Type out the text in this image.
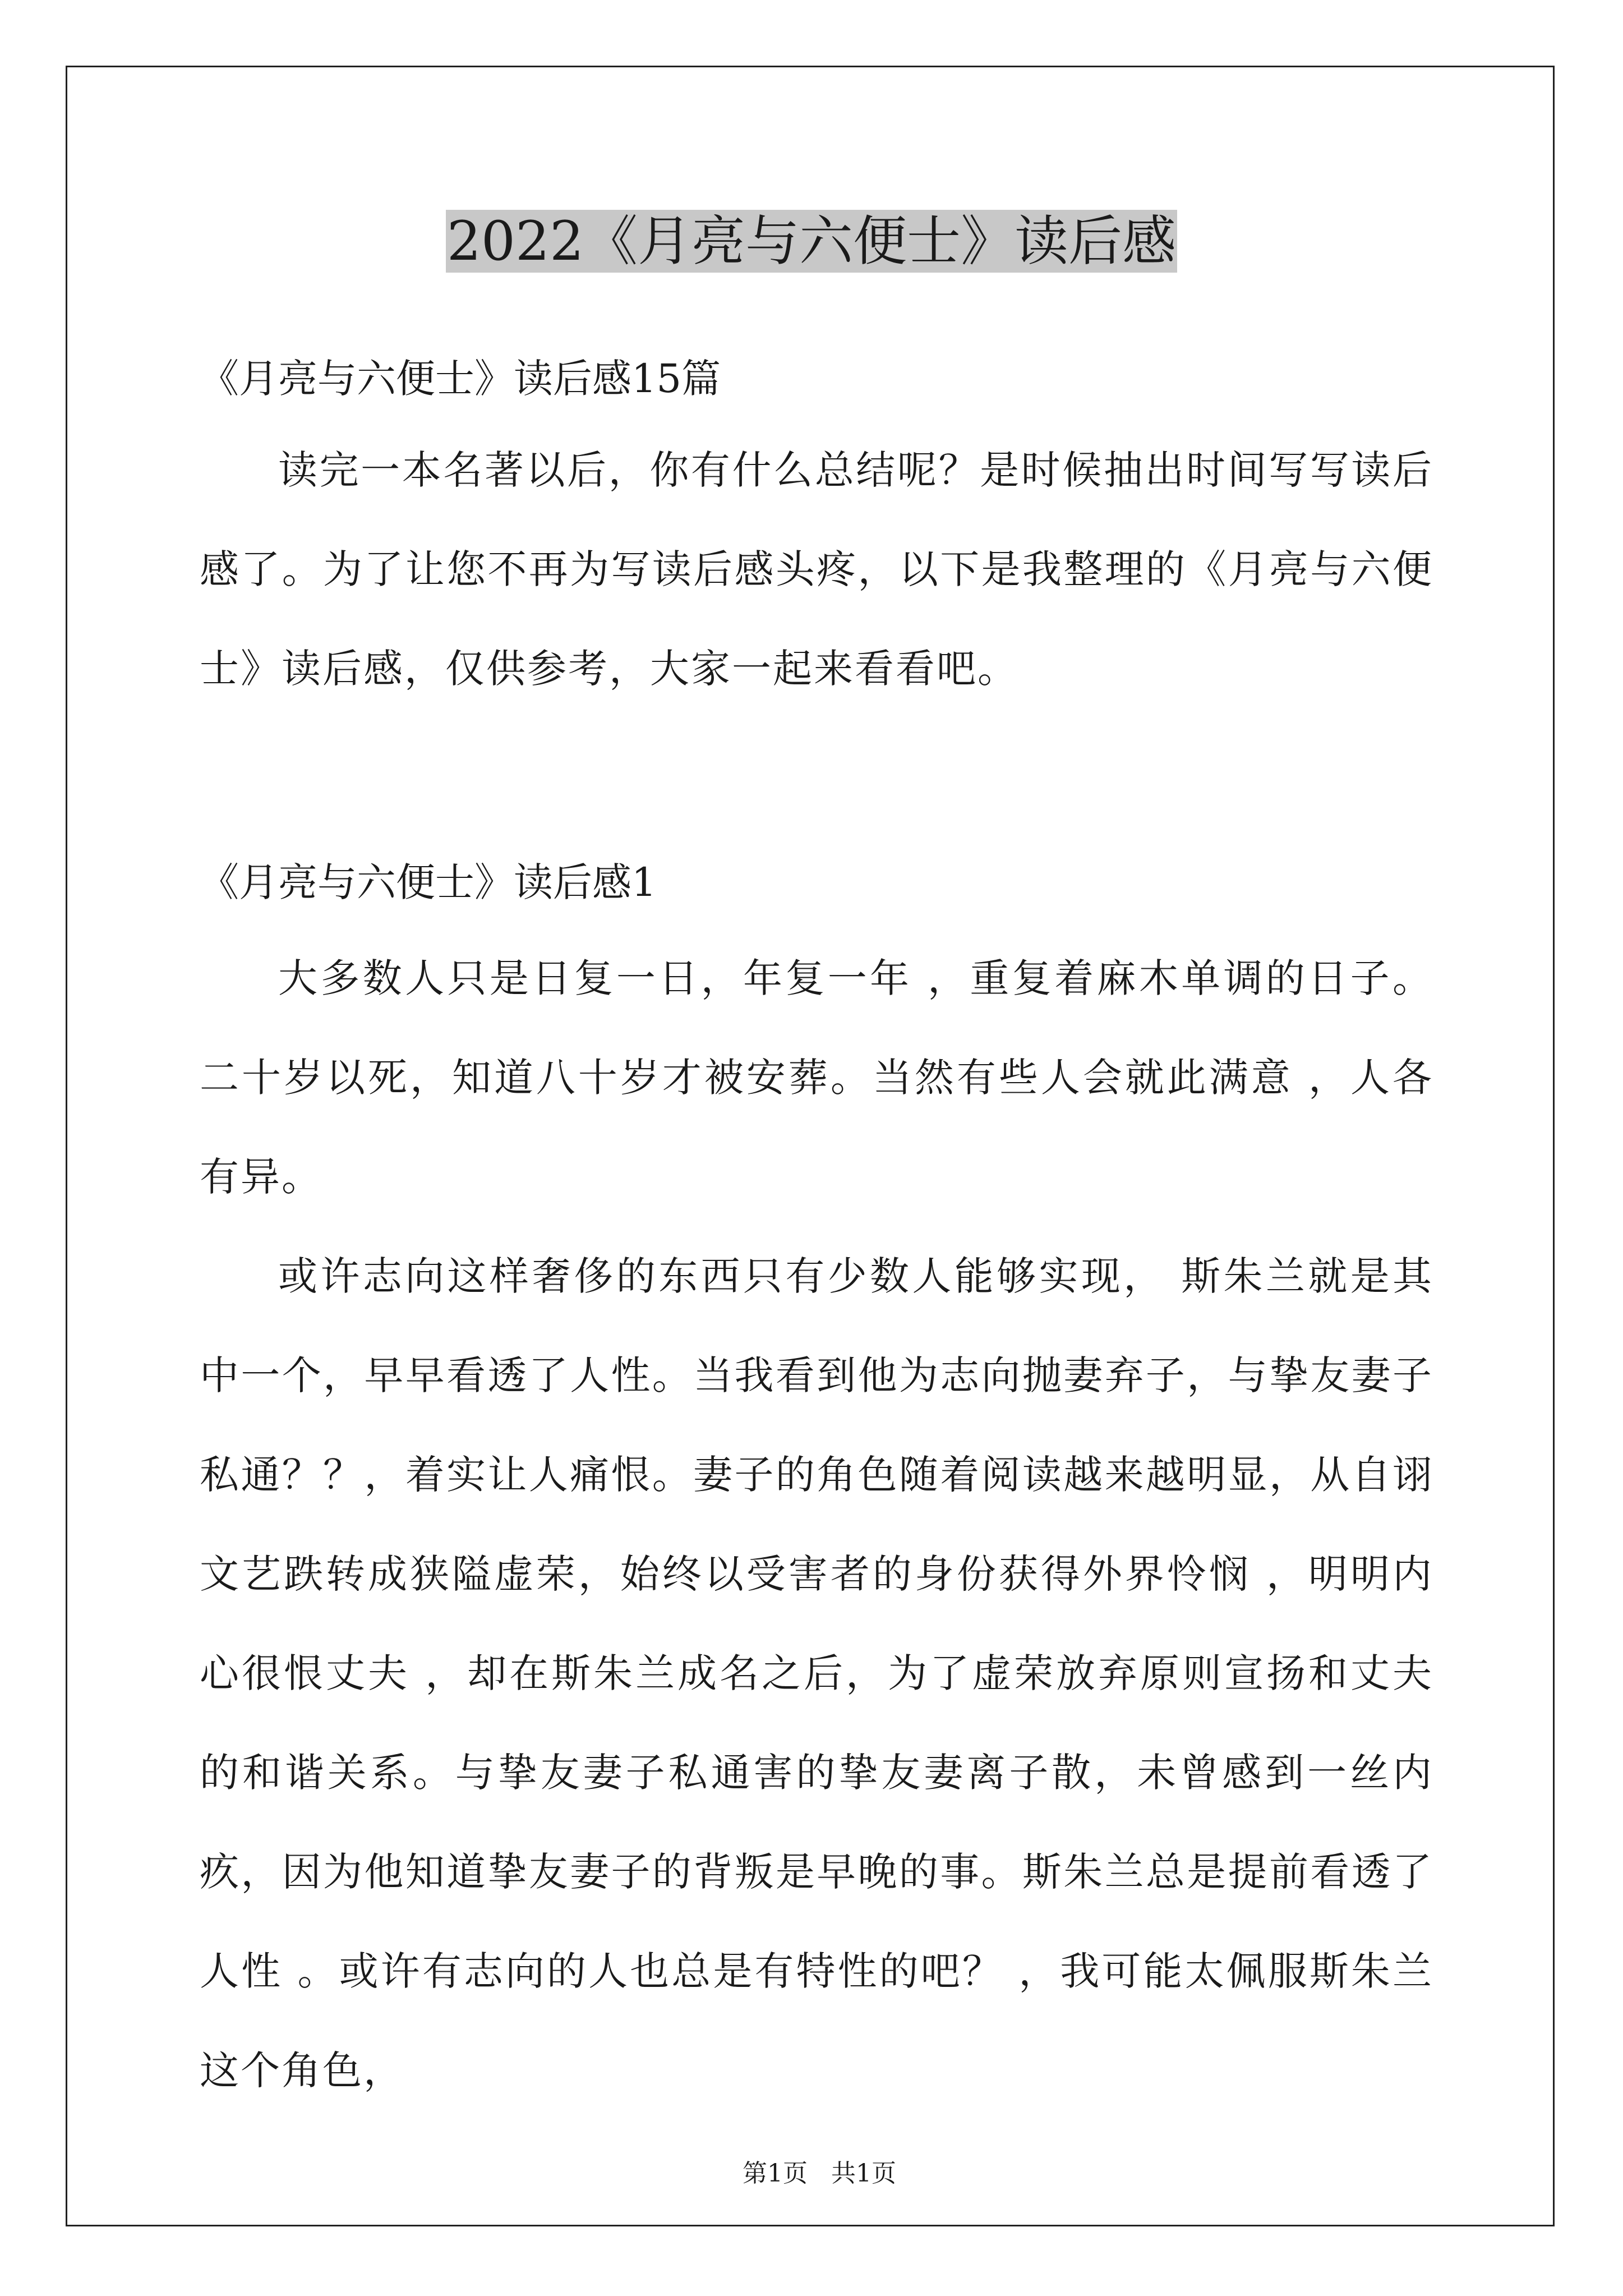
2022《月亮与六便士》读后感

《月亮与六便士》读后感15篇

读完一本名著以后，你有什么总结呢？是时候抽出时间写写读后感了。为了让您不再为写读后感头疼，以下是我整理的《月亮与六便士》读后感，仅供参考，大家一起来看看吧。

《月亮与六便士》读后感1

大多数人只是日复一日，年复一年 ，重复着麻木单调的日子。二十岁以死，知道八十岁才被安葬。当然有些人会就此满意 ，人各有异。

或许志向这样奢侈的东西只有少数人能够实现， 斯朱兰就是其中一个，早早看透了人性。当我看到他为志向抛妻弃子，与挚友妻子私通？？，着实让人痛恨。妻子的角色随着阅读越来越明显，从自诩文艺跌转成狭隘虚荣，始终以受害者的身份获得外界怜悯 ，明明内心很恨丈夫 ，却在斯朱兰成名之后，为了虚荣放弃原则宣扬和丈夫的和谐关系。与挚友妻子私通害的挚友妻离子散，未曾感到一丝内疚，因为他知道挚友妻子的背叛是早晚的事。斯朱兰总是提前看透了人性 。或许有志向的人也总是有特性的吧？ ，我可能太佩服斯朱兰这个角色，

第1页   共1页
